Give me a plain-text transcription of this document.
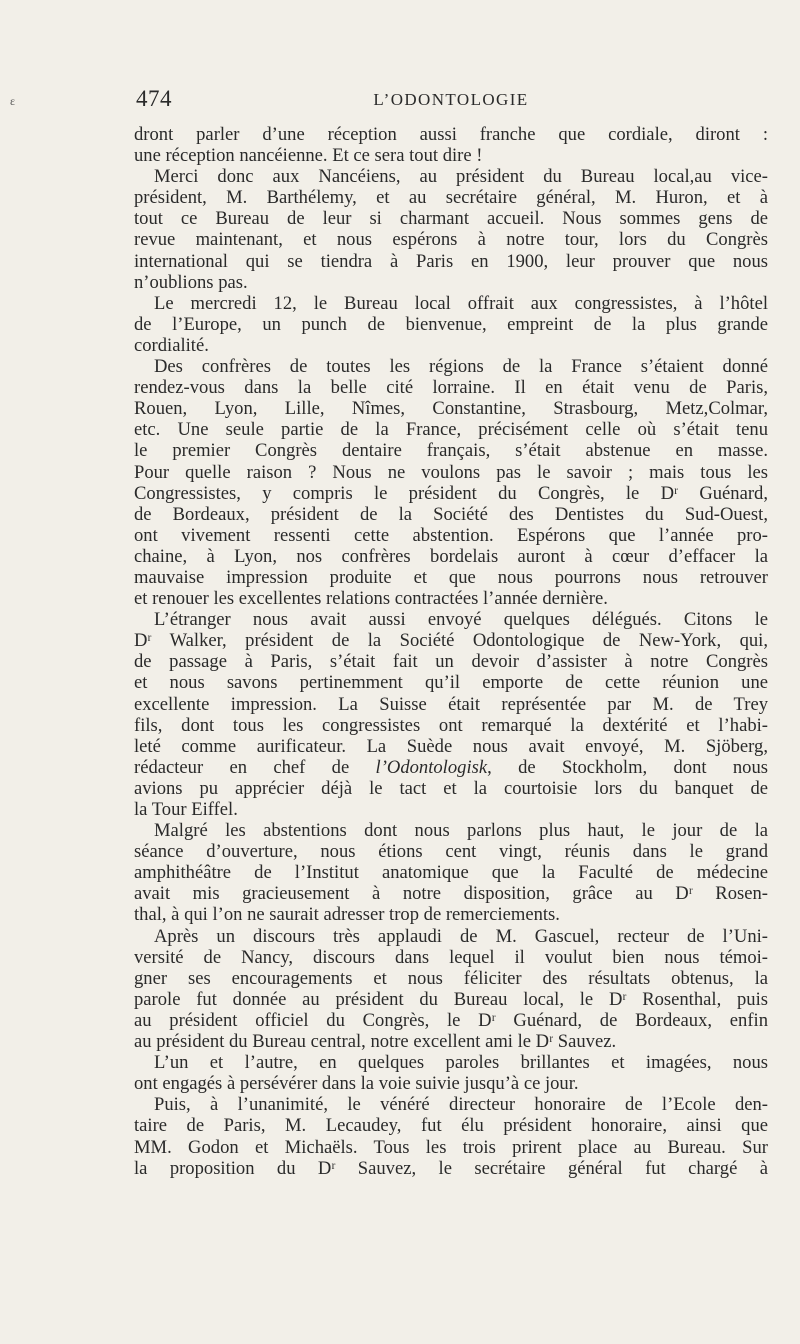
ε	474	L’ODONTOLOGIE
dront parler d’une réception aussi franche que cordiale, diront :
une réception nancéienne. Et ce sera tout dire !
Merci donc aux Nancéiens, au président du Bureau local,au vice-
président, M. Barthélemy, et au secrétaire général, M. Huron, et à
tout ce Bureau de leur si charmant accueil. Nous sommes gens de
revue maintenant, et nous espérons à notre tour, lors du Congrès
international qui se tiendra à Paris en 1900, leur prouver que nous
n’oublions pas.
Le mercredi 12, le Bureau local offrait aux congressistes, à l’hôtel
de l’Europe, un punch de bienvenue, empreint de la plus grande
cordialité.
Des confrères de toutes les régions de la France s’étaient donné
rendez-vous dans la belle cité lorraine. Il en était venu de Paris,
Rouen, Lyon, Lille, Nîmes, Constantine, Strasbourg, Metz,Colmar,
etc. Une seule partie de la France, précisément celle où s’était tenu
le premier Congrès dentaire français, s’était abstenue en masse.
Pour quelle raison ? Nous ne voulons pas le savoir ; mais tous les
Congressistes, y compris le président du Congrès, le Dʳ Guénard,
de Bordeaux, président de la Société des Dentistes du Sud-Ouest,
ont vivement ressenti cette abstention. Espérons que l’année pro-
chaine, à Lyon, nos confrères bordelais auront à cœur d’effacer la
mauvaise impression produite et que nous pourrons nous retrouver
et renouer les excellentes relations contractées l’année dernière.
L’étranger nous avait aussi envoyé quelques délégués. Citons le
Dʳ Walker, président de la Société Odontologique de New-York, qui,
de passage à Paris, s’était fait un devoir d’assister à notre Congrès
et nous savons pertinemment qu’il emporte de cette réunion une
excellente impression. La Suisse était représentée par M. de Trey
fils, dont tous les congressistes ont remarqué la dextérité et l’habi-
leté comme aurificateur. La Suède nous avait envoyé, M. Sjöberg,
rédacteur en chef de l’Odontologisk, de Stockholm, dont nous
avions pu apprécier déjà le tact et la courtoisie lors du banquet de
la Tour Eiffel.
Malgré les abstentions dont nous parlons plus haut, le jour de la
séance d’ouverture, nous étions cent vingt, réunis dans le grand
amphithéâtre de l’Institut anatomique que la Faculté de médecine
avait mis gracieusement à notre disposition, grâce au Dʳ Rosen-
thal, à qui l’on ne saurait adresser trop de remerciements.
Après un discours très applaudi de M. Gascuel, recteur de l’Uni-
versité de Nancy, discours dans lequel il voulut bien nous témoi-
gner ses encouragements et nous féliciter des résultats obtenus, la
parole fut donnée au président du Bureau local, le Dʳ Rosenthal, puis
au président officiel du Congrès, le Dʳ Guénard, de Bordeaux, enfin
au président du Bureau central, notre excellent ami le Dʳ Sauvez.
L’un et l’autre, en quelques paroles brillantes et imagées, nous
ont engagés à persévérer dans la voie suivie jusqu’à ce jour.
Puis, à l’unanimité, le vénéré directeur honoraire de l’Ecole den-
taire de Paris, M. Lecaudey, fut élu président honoraire, ainsi que
MM. Godon et Michaëls. Tous les trois prirent place au Bureau. Sur
la proposition du Dʳ Sauvez, le secrétaire général fut chargé à
